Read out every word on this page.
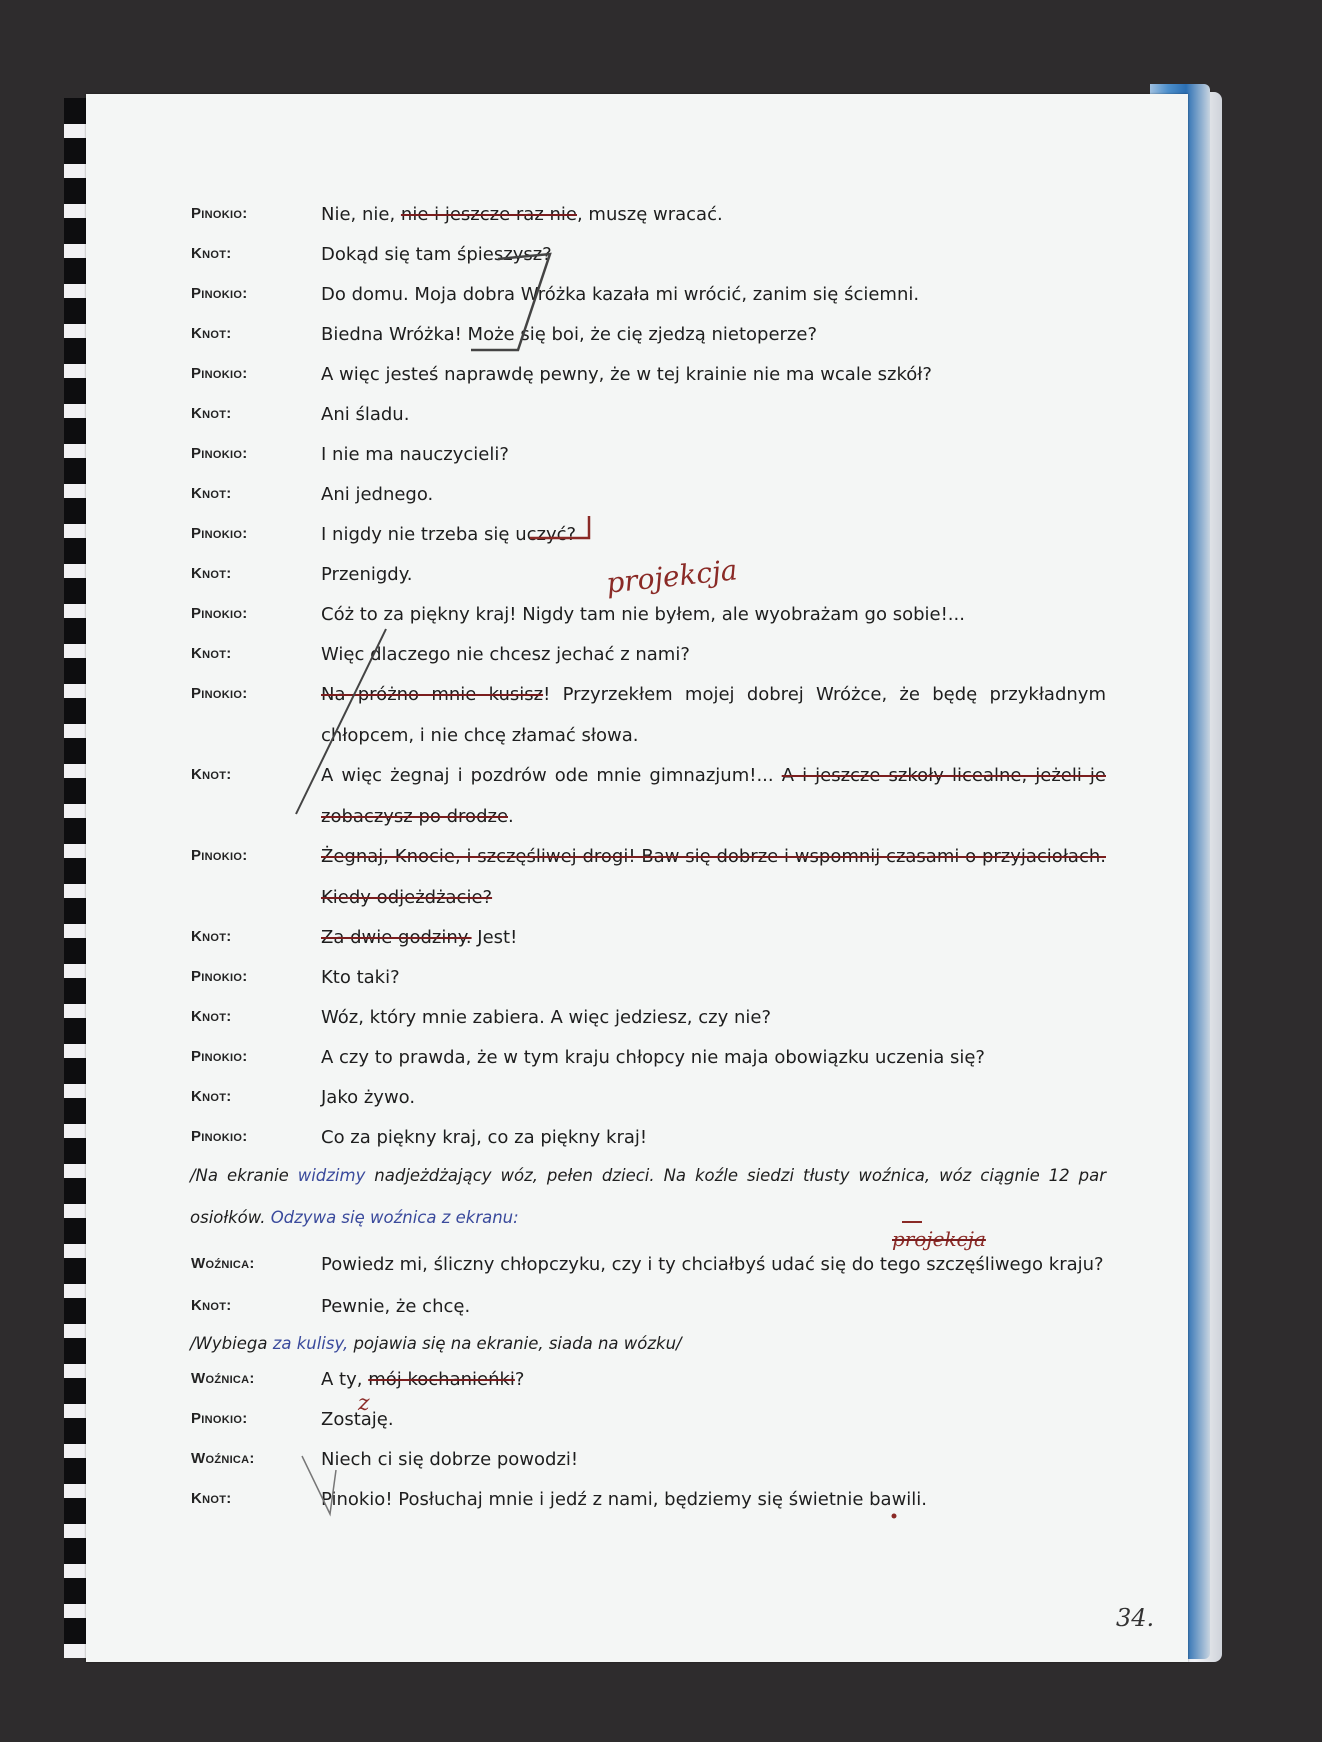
Pinokio:	Nie, nie, nie i jeszcze raz nie, muszę wracać.
Knot:	Dokąd się tam śpieszysz?
Pinokio:	Do domu. Moja dobra Wróżka kazała mi wrócić, zanim się ściemni.
Knot:	Biedna Wróżka! Może się boi, że cię zjedzą nietoperze?
Pinokio:	A więc jesteś naprawdę pewny, że w tej krainie nie ma wcale szkół?
Knot:	Ani śladu.
Pinokio:	I nie ma nauczycieli?
Knot:	Ani jednego.
Pinokio:	I nigdy nie trzeba się uczyć?
Knot:	Przenigdy.
Pinokio:	Cóż to za piękny kraj! Nigdy tam nie byłem, ale wyobrażam go sobie!...
Knot:	Więc dlaczego nie chcesz jechać z nami?
Pinokio:	Na próżno mnie kusisz! Przyrzekłem mojej dobrej Wróżce, że będę przykładnym chłopcem, i nie chcę złamać słowa.
Knot:	A więc żegnaj i pozdrów ode mnie gimnazjum!... A i jeszcze szkoły licealne, jeżeli je zobaczysz po drodze.
Pinokio:	Żegnaj, Knocie, i szczęśliwej drogi! Baw się dobrze i wspomnij czasami o przyjaciołach. Kiedy odjeżdżacie?
Knot:	Za dwie godziny. Jest!
Pinokio:	Kto taki?
Knot:	Wóz, który mnie zabiera. A więc jedziesz, czy nie?
Pinokio:	A czy to prawda, że w tym kraju chłopcy nie maja obowiązku uczenia się?
Knot:	Jako żywo.
Pinokio:	Co za piękny kraj, co za piękny kraj!
/Na ekranie widzimy nadjeżdżający wóz, pełen dzieci. Na koźle siedzi tłusty woźnica, wóz ciągnie 12 par osiołków. Odzywa się woźnica z ekranu:
Woźnica:	Powiedz mi, śliczny chłopczyku, czy i ty chciałbyś udać się do tego szczęśliwego kraju?
Knot:	Pewnie, że chcę.
/Wybiega za kulisy, pojawia się na ekranie, siada na wózku/
Woźnica:	A ty, mój kochanieńki?
Pinokio:	Zostaję.
Woźnica:	Niech ci się dobrze powodzi!
Knot:	Pinokio! Posłuchaj mnie i jedź z nami, będziemy się świetnie bawili.
projekcja
z
projekcja
34.
